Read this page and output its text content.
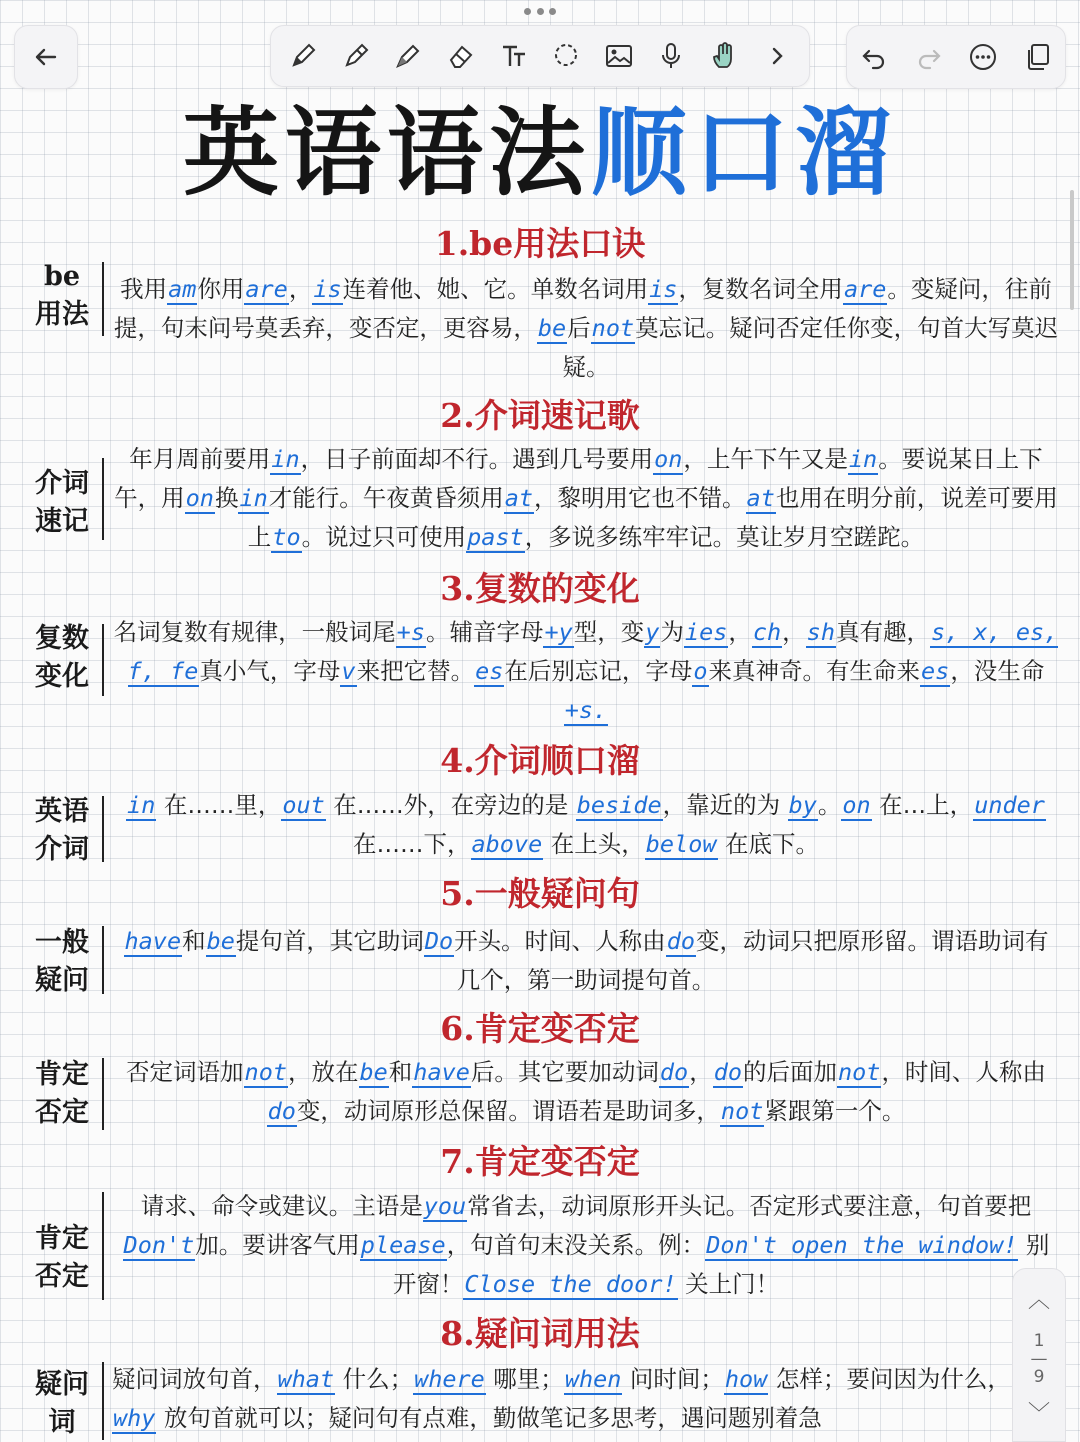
英语语法 顺口溜
1.be用法口诀
be
用法
我用am你用are，is连着他、她、它。单数名词用is，复数名词全用are。变疑问，往前提，句末问号莫丢弃，变否定，更容易，be后not莫忘记。疑问否定任你变，句首大写莫迟疑。
2.介词速记歌
介词
速记
年月周前要用in，日子前面却不行。遇到几号要用on，上午下午又是in。要说某日上下午，用on换in才能行。午夜黄昏须用at，黎明用它也不错。at也用在明分前，说差可要用上to。说过只可使用past，多说多练牢牢记。莫让岁月空蹉跎。
3.复数的变化
复数
变化
名词复数有规律，一般词尾+s。辅音字母+y型，变y为ies，ch，sh真有趣，s, x, es, f, fe真小气，字母v来把它替。es在后别忘记，字母o来真神奇。有生命来es，没生命+s.
4.介词顺口溜
英语
介词
in 在……里，out 在……外，在旁边的是 beside，靠近的为 by。on 在…上，under在……下，above 在上头，below 在底下。
5.一般疑问句
一般
疑问
have和be提句首，其它助词Do开头。时间、人称由do变，动词只把原形留。谓语助词有几个，第一助词提句首。
6.肯定变否定
肯定
否定
否定词语加not，放在be和have后。其它要加动词do，do的后面加not，时间、人称由do变，动词原形总保留。谓语若是助词多，not紧跟第一个。
7.肯定变否定
肯定
否定
请求、命令或建议。主语是you常省去，动词原形开头记。否定形式要注意，句首要把Don't加。要讲客气用please，句首句末没关系。例：Don't open the window! 别开窗！Close the door! 关上门！
8.疑问词用法
疑问
词
疑问词放句首，what 什么；where 哪里；when 问时间；how 怎样；要问因为什么，why 放句首就可以；疑问句有点难，勤做笔记多思考，遇问题别着急
︿
1
—
9
﹀
